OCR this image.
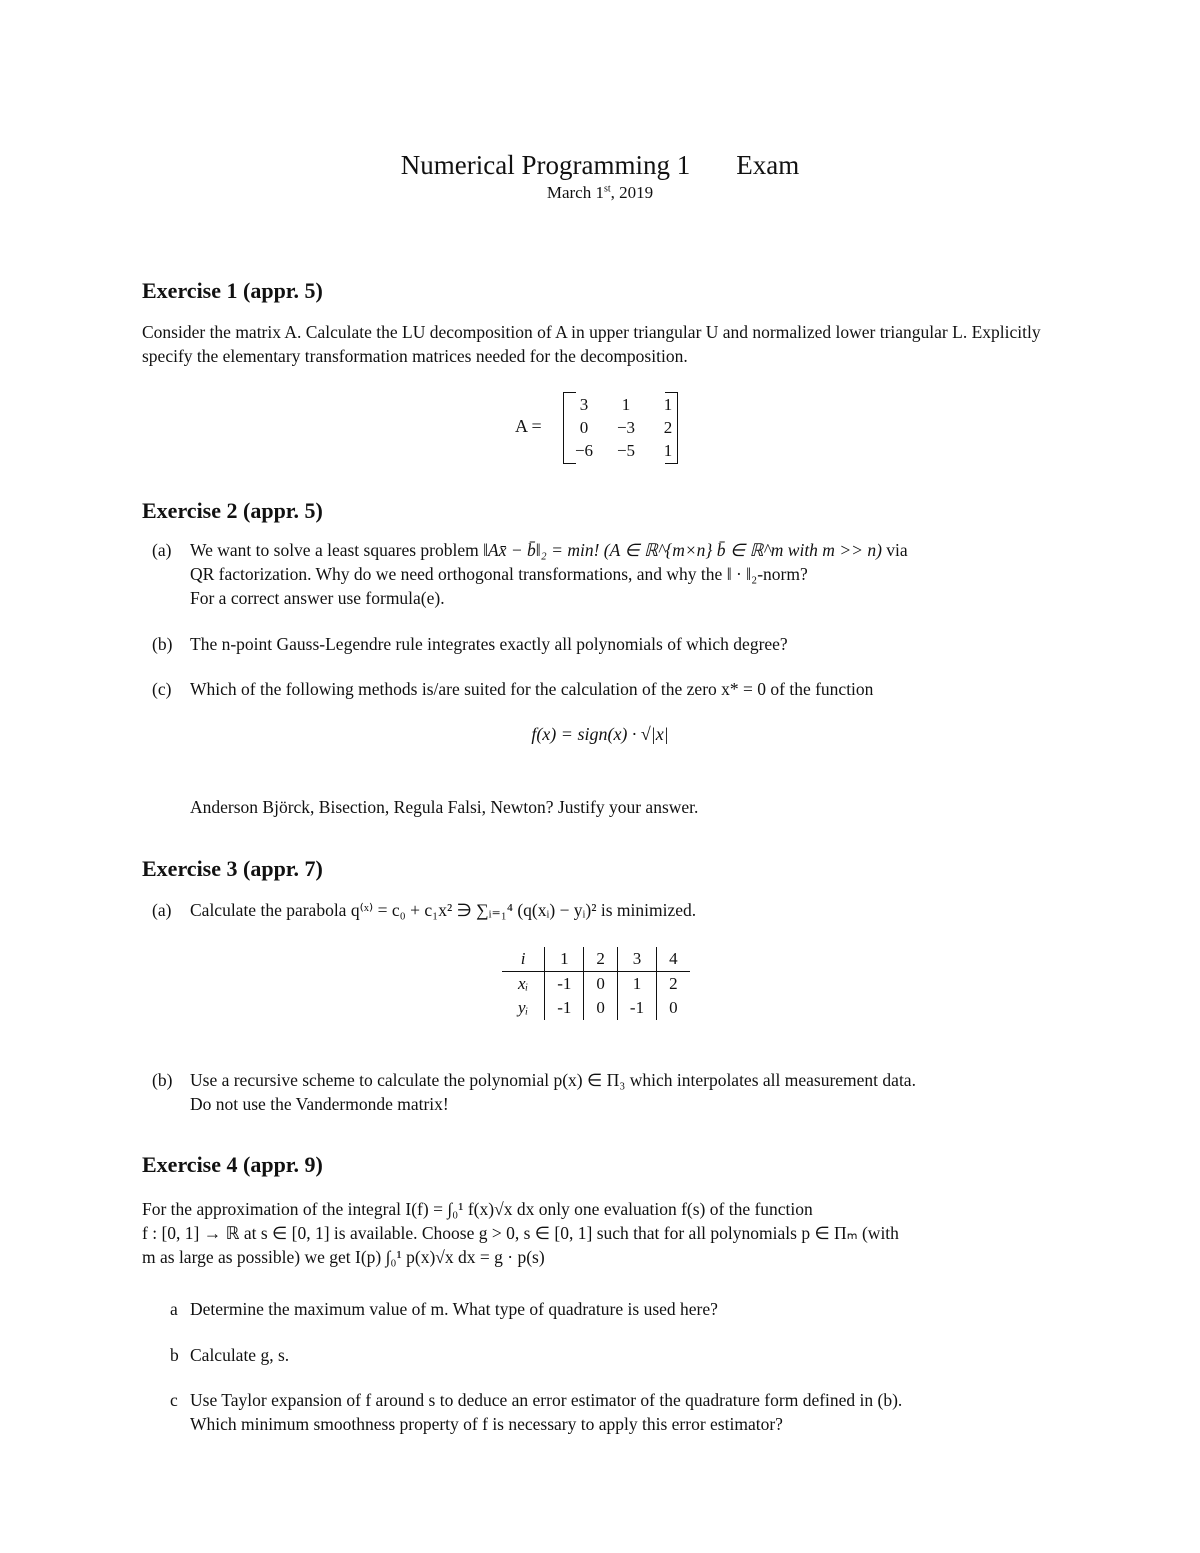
Numerical Programming 1 Exam
March 1st, 2019
Exercise 1 (appr. 5)
Consider the matrix A. Calculate the LU decomposition of A in upper triangular U and normalized lower triangular L. Explicitly specify the elementary transformation matrices needed for the decomposition.
A =
3	1	1
0	−3	2
−6	−5	1
Exercise 2 (appr. 5)
(a) We want to solve a least squares problem ‖Ax̄ − b̄‖₂ = min! (A ∈ ℝ^{m×n} b̄ ∈ ℝ^m with m >> n) via
QR factorization. Why do we need orthogonal transformations, and why the ‖ · ‖₂-norm?
For a correct answer use formula(e).
(b) The n-point Gauss-Legendre rule integrates exactly all polynomials of which degree?
(c) Which of the following methods is/are suited for the calculation of the zero x* = 0 of the function
f(x) = sign(x) · √|x|
Anderson Björck, Bisection, Regula Falsi, Newton? Justify your answer.
Exercise 3 (appr. 7)
(a) Calculate the parabola q⁽ˣ⁾ = c₀ + c₁x² ∋ ∑ᵢ₌₁⁴ (q(xᵢ) − yᵢ)² is minimized.
i	1	2	3	4
xᵢ	-1	0	1	2
yᵢ	-1	0	-1	0
(b) Use a recursive scheme to calculate the polynomial p(x) ∈ Π₃ which interpolates all measurement data.
Do not use the Vandermonde matrix!
Exercise 4 (appr. 9)
For the approximation of the integral I(f) = ∫₀¹ f(x)√x dx only one evaluation f(s) of the function
f : [0, 1] → ℝ at s ∈ [0, 1] is available. Choose g > 0, s ∈ [0, 1] such that for all polynomials p ∈ Πₘ (with
m as large as possible) we get I(p) ∫₀¹ p(x)√x dx = g · p(s)
a Determine the maximum value of m. What type of quadrature is used here?
b Calculate g, s.
c Use Taylor expansion of f around s to deduce an error estimator of the quadrature form defined in (b).
Which minimum smoothness property of f is necessary to apply this error estimator?
